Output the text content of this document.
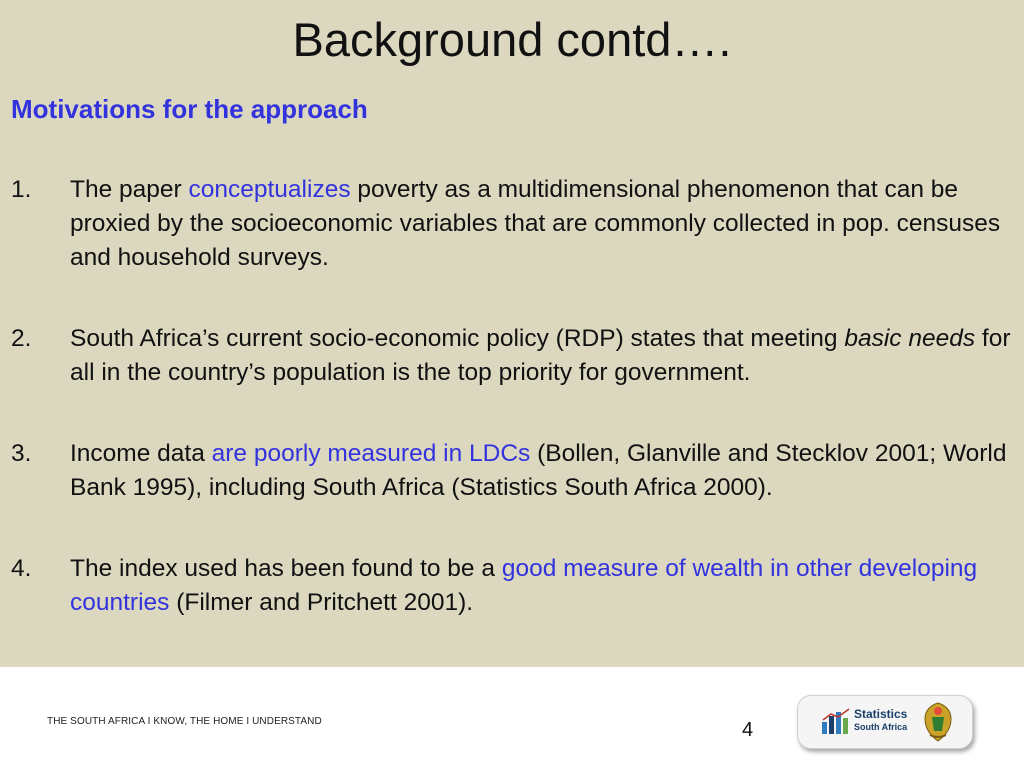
Background contd….
Motivations for the approach
1. The paper conceptualizes poverty as a multidimensional phenomenon that can be proxied by the socioeconomic variables that are commonly collected in pop. censuses and household surveys.
2. South Africa’s current socio-economic policy (RDP) states that meeting basic needs for all in the country’s population is the top priority for government.
3. Income data are poorly measured in LDCs (Bollen, Glanville and Stecklov 2001; World Bank 1995), including South Africa (Statistics South Africa 2000).
4. The index used has been found to be a good measure of wealth in other developing countries (Filmer and Pritchett 2001).
THE SOUTH AFRICA I KNOW, THE HOME I UNDERSTAND	4
Statistics
South Africa
